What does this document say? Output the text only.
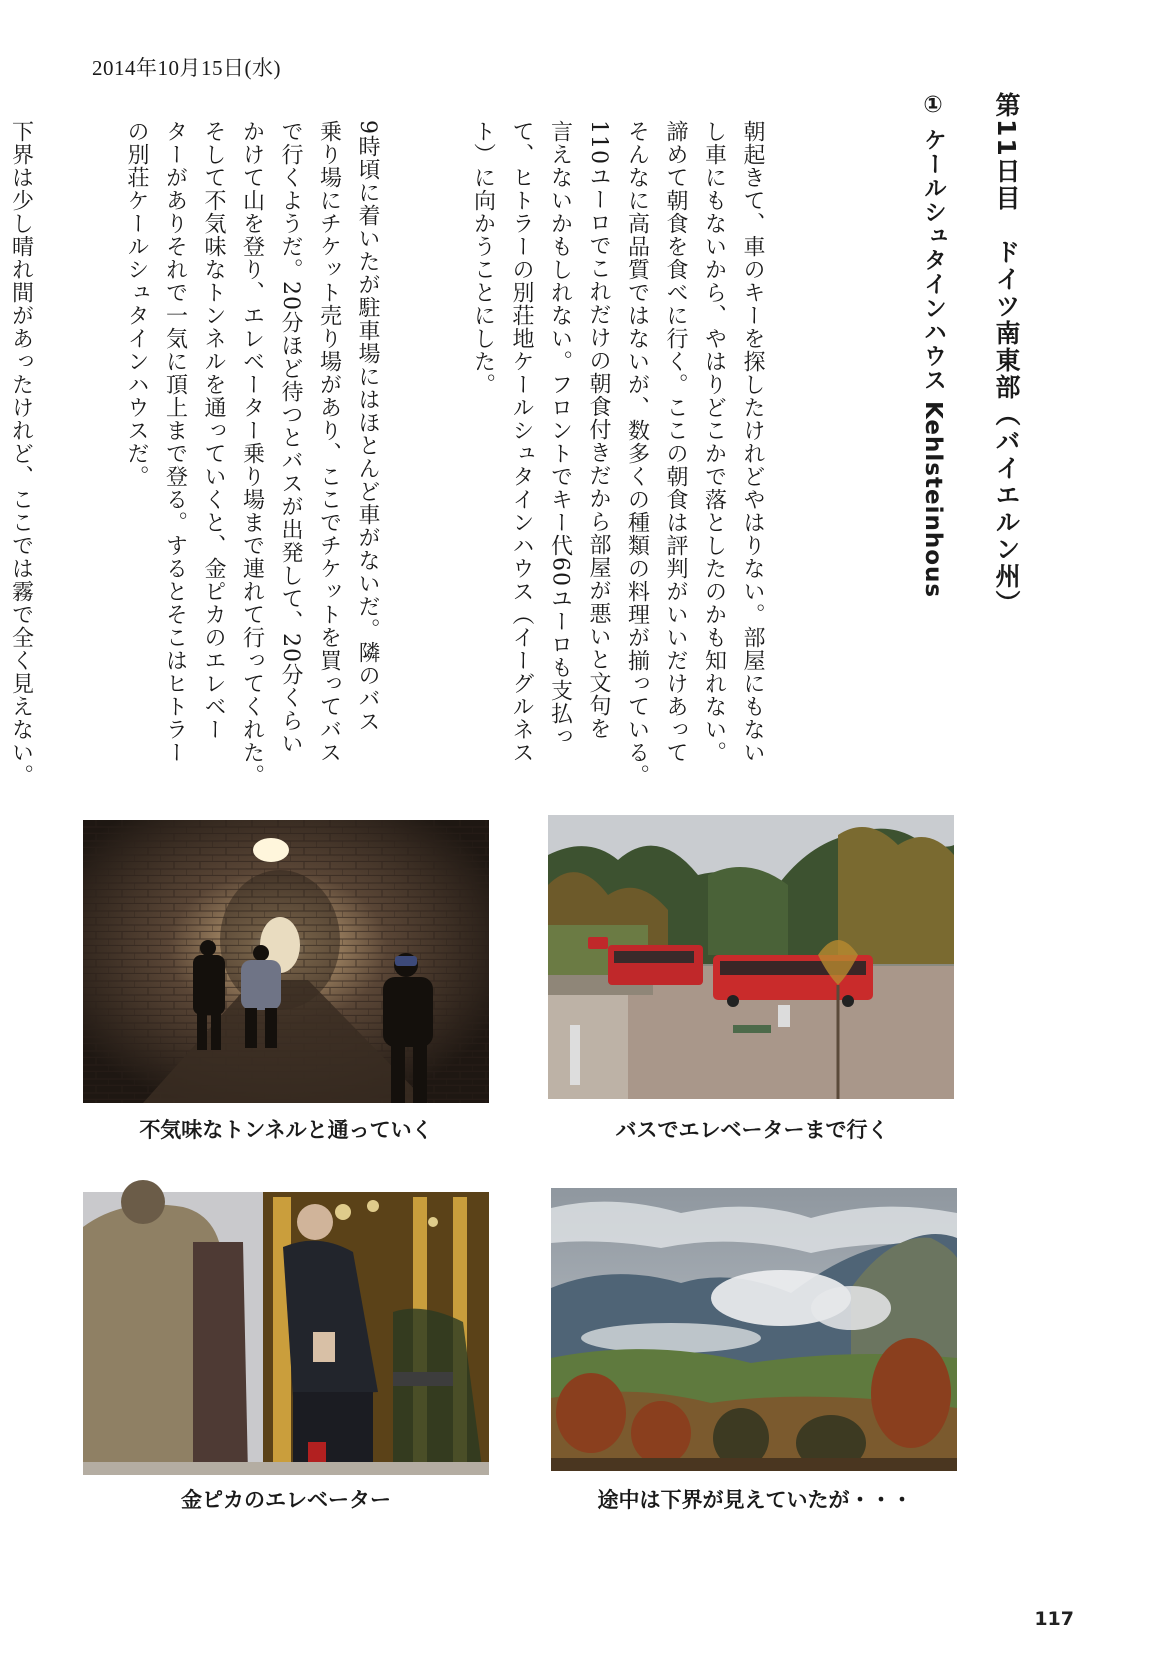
2014年10月15日(水)
第11日目　ドイツ南東部（バイエルン州）
① ケールシュタインハウス Kehlsteinhous

朝起きて、車のキーを探したけれどやはりない。部屋にもない
し車にもないから、やはりどこかで落としたのかも知れない。
諦めて朝食を食べに行く。ここの朝食は評判がいいだけあって
そんなに高品質ではないが、数多くの種類の料理が揃っている。
110ユーロでこれだけの朝食付きだから部屋が悪いと文句を
言えないかもしれない。フロントでキー代60ユーロも支払っ
て、ヒトラーの別荘地ケールシュタインハウス（イーグルネス
ト）に向かうことにした。

9時頃に着いたが駐車場にはほとんど車がないだ。隣のバス
乗り場にチケット売り場があり、ここでチケットを買ってバス
で行くようだ。20分ほど待つとバスが出発して、20分くらい
かけて山を登り、エレベーター乗り場まで連れて行ってくれた。
そして不気味なトンネルを通っていくと、金ピカのエレベー
ターがありそれで一気に頂上まで登る。するとそこはヒトラー
の別荘ケールシュタインハウスだ。

下界は少し晴れ間があったけれど、ここでは霧で全く見えない。

不気味なトンネルと通っていく	バスでエレベーターまで行く
金ピカのエレベーター	途中は下界が見えていたが・・・
117
